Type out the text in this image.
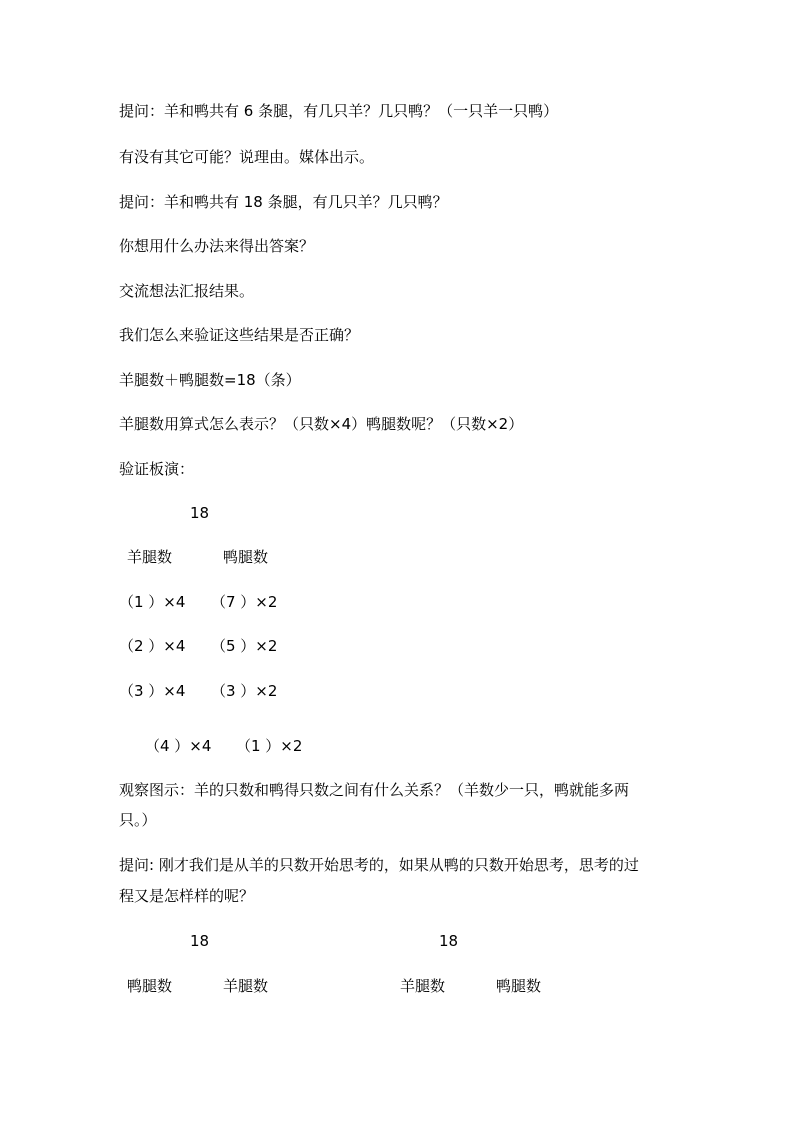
提问：羊和鸭共有 6 条腿，有几只羊？几只鸭？（一只羊一只鸭）
有没有其它可能？说理由。媒体出示。
提问：羊和鸭共有 18 条腿，有几只羊？几只鸭？
你想用什么办法来得出答案？
交流想法汇报结果。
我们怎么来验证这些结果是否正确？
羊腿数＋鸭腿数=18（条）
羊腿数用算式怎么表示？（只数×4）鸭腿数呢？（只数×2）
验证板演：
18
羊腿数	鸭腿数
（1 ）×4 （7 ）×2
（2 ）×4 （5 ）×2
（3 ）×4 （3 ）×2
（4 ）×4 （1 ）×2
观察图示：羊的只数和鸭得只数之间有什么关系？（羊数少一只，鸭就能多两
只。）
提问: 刚才我们是从羊的只数开始思考的，如果从鸭的只数开始思考，思考的过
程又是怎样样的呢？
18	18
鸭腿数	羊腿数	羊腿数	鸭腿数
